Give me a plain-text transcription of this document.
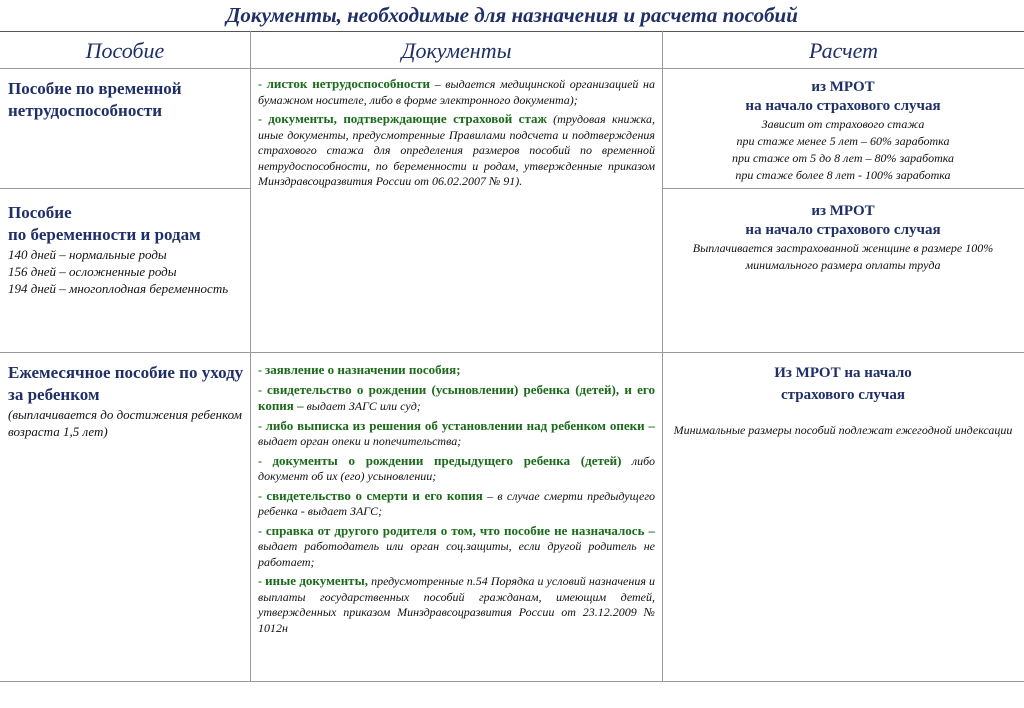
Документы, необходимые для назначения и расчета пособий
Пособие	Документы	Расчет
Пособие по временной нетрудоспособности
Пособие
по беременности и родам
140 дней – нормальные роды
156 дней – осложненные роды
194 дней – многоплодная беременность
Ежемесячное пособие по уходу за ребенком
(выплачивается до достижения ребенком возраста 1,5 лет)

- листок нетрудоспособности – выдается медицинской организацией на бумажном носителе, либо в форме электронного документа);

- документы, подтверждающие страховой стаж (трудовая книжка, иные документы, предусмотренные Правилами подсчета и подтверждения страхового стажа для определения размеров пособий по временной нетрудоспособности, по беременности и родам, утвержденные приказом Минздравсоцразвития России от 06.02.2007 № 91).

- заявление о назначении пособия;

- свидетельство о рождении (усыновлении) ребенка (детей), и его копия – выдает ЗАГС или суд;

- либо выписка из решения об установлении над ребенком опеки – выдает орган опеки и попечительства;

- документы о рождении предыдущего ребенка (детей) либо документ об их (его) усыновлении;

- свидетельство о смерти и его копия – в случае смерти предыдущего ребенка - выдает ЗАГС;

- справка от другого родителя о том, что пособие не назначалось – выдает работодатель или орган соц.защиты, если другой родитель не работает;

- иные документы, предусмотренные п.54 Порядка и условий назначения и выплаты государственных пособий гражданам, имеющим детей, утвержденных приказом Минздравсоцразвития России от 23.12.2009 № 1012н

из МРОТ
на начало страхового случая
Зависит от страхового стажа
при стаже менее 5 лет – 60% заработка
при стаже от 5 до 8 лет – 80% заработка
при стаже более 8 лет - 100% заработка
из МРОТ
на начало страхового случая
Выплачивается застрахованной женщине в размере 100% минимального размера оплаты труда
Из МРОТ на начало
страхового случая
Минимальные размеры пособий подлежат ежегодной индексации
